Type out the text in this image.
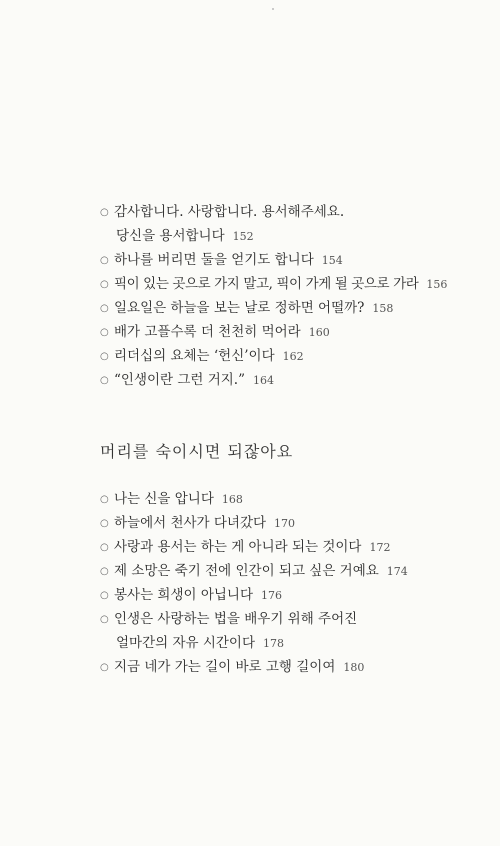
○ 감사합니다. 사랑합니다. 용서해주세요.
당신을 용서합니다 152
○ 하나를 버리면 둘을 얻기도 합니다 154
○ 픽이 있는 곳으로 가지 말고, 픽이 가게 될 곳으로 가라 156
○ 일요일은 하늘을 보는 날로 정하면 어떨까? 158
○ 배가 고플수록 더 천천히 먹어라 160
○ 리더십의 요체는 ‘헌신’이다 162
○ “인생이란 그런 거지.” 164
머리를 숙이시면 되잖아요
○ 나는 신을 압니다 168
○ 하늘에서 천사가 다녀갔다 170
○ 사랑과 용서는 하는 게 아니라 되는 것이다 172
○ 제 소망은 죽기 전에 인간이 되고 싶은 거예요 174
○ 봉사는 희생이 아닙니다 176
○ 인생은 사랑하는 법을 배우기 위해 주어진
얼마간의 자유 시간이다 178
○ 지금 네가 가는 길이 바로 고행 길이여 180
